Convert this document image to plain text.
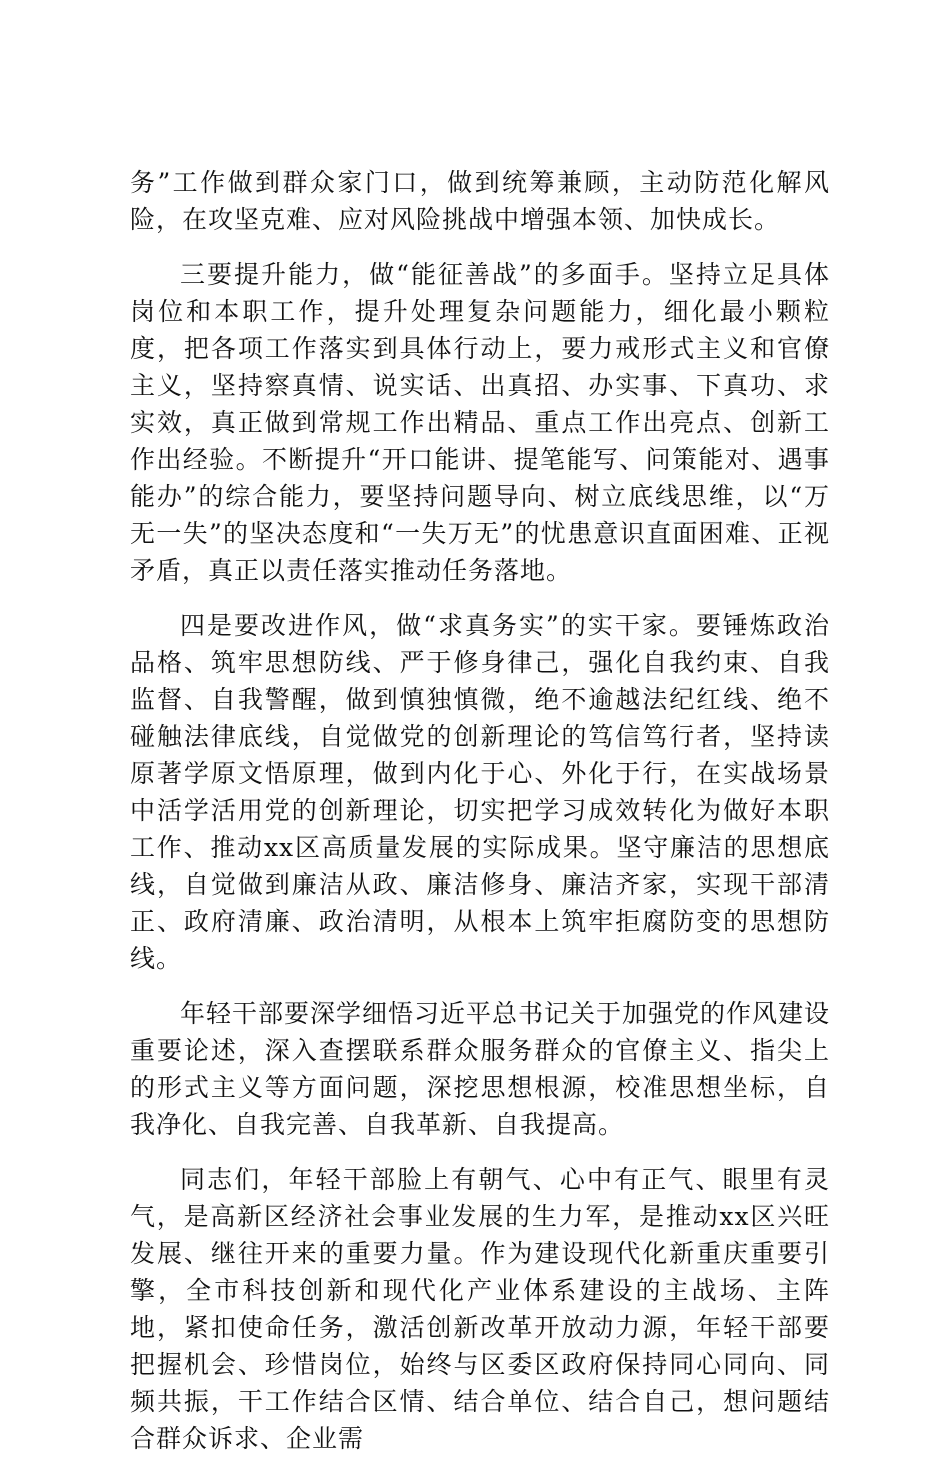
务”工作做到群众家门口，做到统筹兼顾，主动防范化解风险，在攻坚克难、应对风险挑战中增强本领、加快成长。

三要提升能力，做“能征善战”的多面手。坚持立足具体岗位和本职工作，提升处理复杂问题能力，细化最小颗粒度，把各项工作落实到具体行动上，要力戒形式主义和官僚主义，坚持察真情、说实话、出真招、办实事、下真功、求实效，真正做到常规工作出精品、重点工作出亮点、创新工作出经验。不断提升“开口能讲、提笔能写、问策能对、遇事能办”的综合能力，要坚持问题导向、树立底线思维，以“万无一失”的坚决态度和“一失万无”的忧患意识直面困难、正视矛盾，真正以责任落实推动任务落地。

四是要改进作风，做“求真务实”的实干家。要锤炼政治品格、筑牢思想防线、严于修身律己，强化自我约束、自我监督、自我警醒，做到慎独慎微，绝不逾越法纪红线、绝不碰触法律底线，自觉做党的创新理论的笃信笃行者，坚持读原著学原文悟原理，做到内化于心、外化于行，在实战场景中活学活用党的创新理论，切实把学习成效转化为做好本职工作、推动xx区高质量发展的实际成果。坚守廉洁的思想底线，自觉做到廉洁从政、廉洁修身、廉洁齐家，实现干部清正、政府清廉、政治清明，从根本上筑牢拒腐防变的思想防线。

年轻干部要深学细悟习近平总书记关于加强党的作风建设重要论述，深入查摆联系群众服务群众的官僚主义、指尖上的形式主义等方面问题，深挖思想根源，校准思想坐标，自我净化、自我完善、自我革新、自我提高。

同志们，年轻干部脸上有朝气、心中有正气、眼里有灵气，是高新区经济社会事业发展的生力军，是推动xx区兴旺发展、继往开来的重要力量。作为建设现代化新重庆重要引擎，全市科技创新和现代化产业体系建设的主战场、主阵地，紧扣使命任务，激活创新改革开放动力源，年轻干部要把握机会、珍惜岗位，始终与区委区政府保持同心同向、同频共振，干工作结合区情、结合单位、结合自己，想问题结合群众诉求、企业需
